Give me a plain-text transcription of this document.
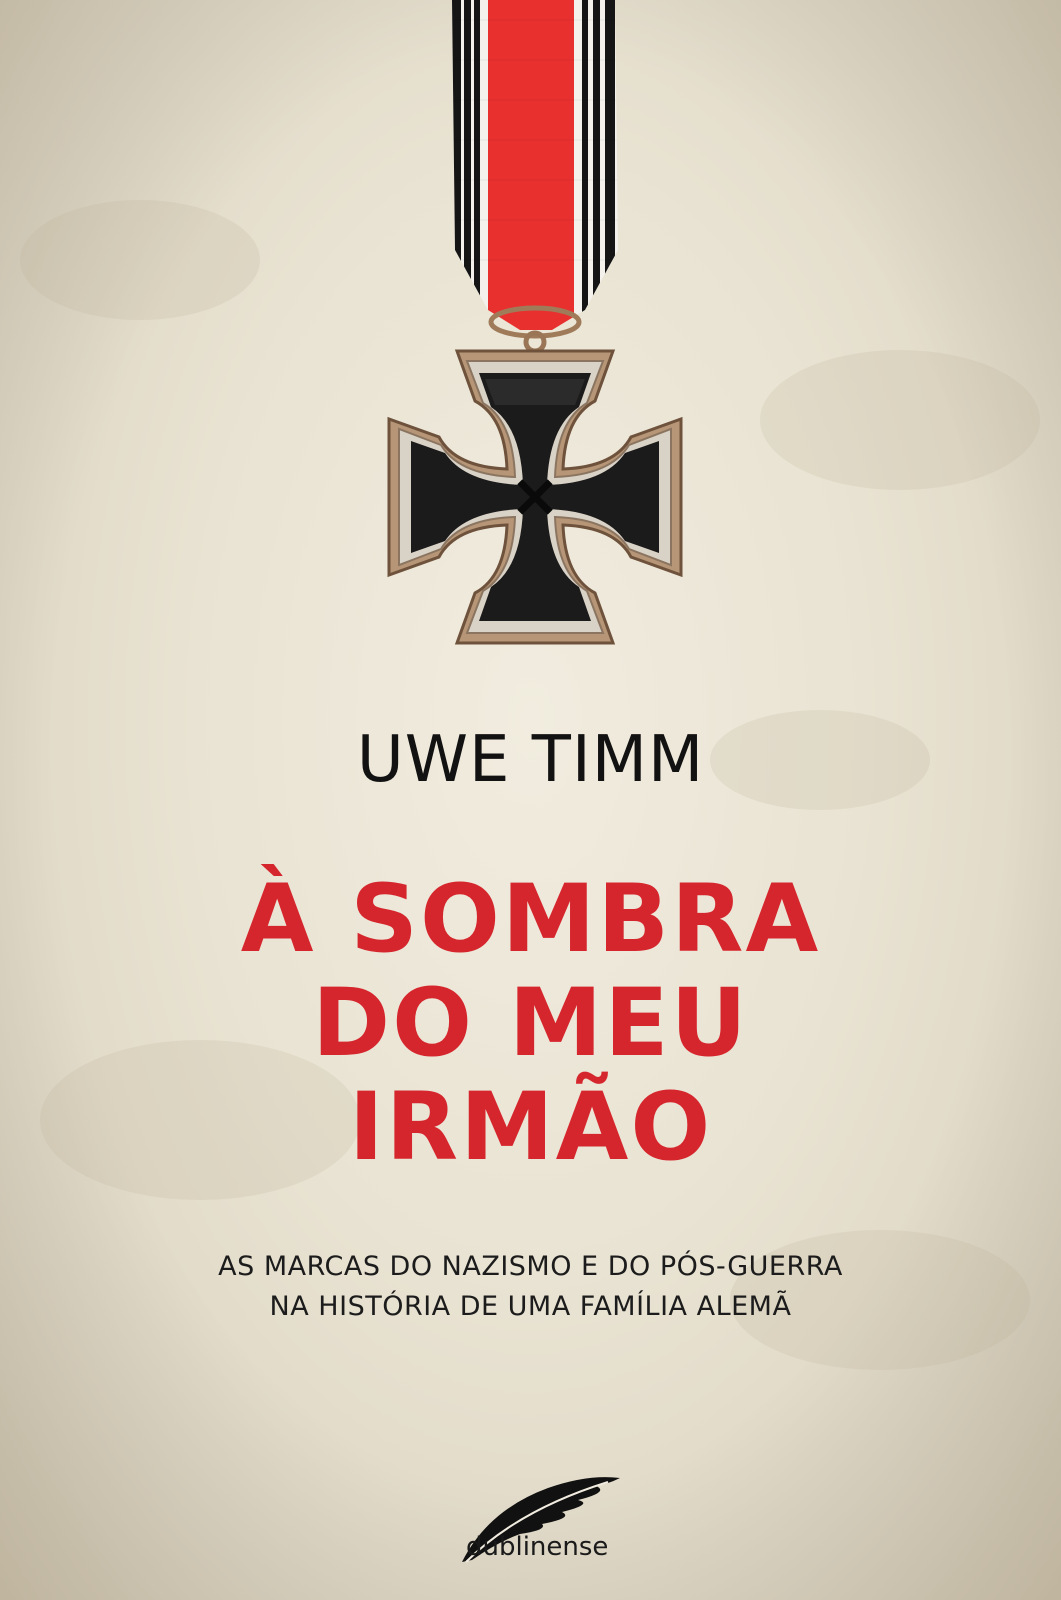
UWE TIMM
À SOMBRA
DO MEU
IRMÃO
AS MARCAS DO NAZISMO E DO PÓS-GUERRA
NA HISTÓRIA DE UMA FAMÍLIA ALEMÃ
dublinense
